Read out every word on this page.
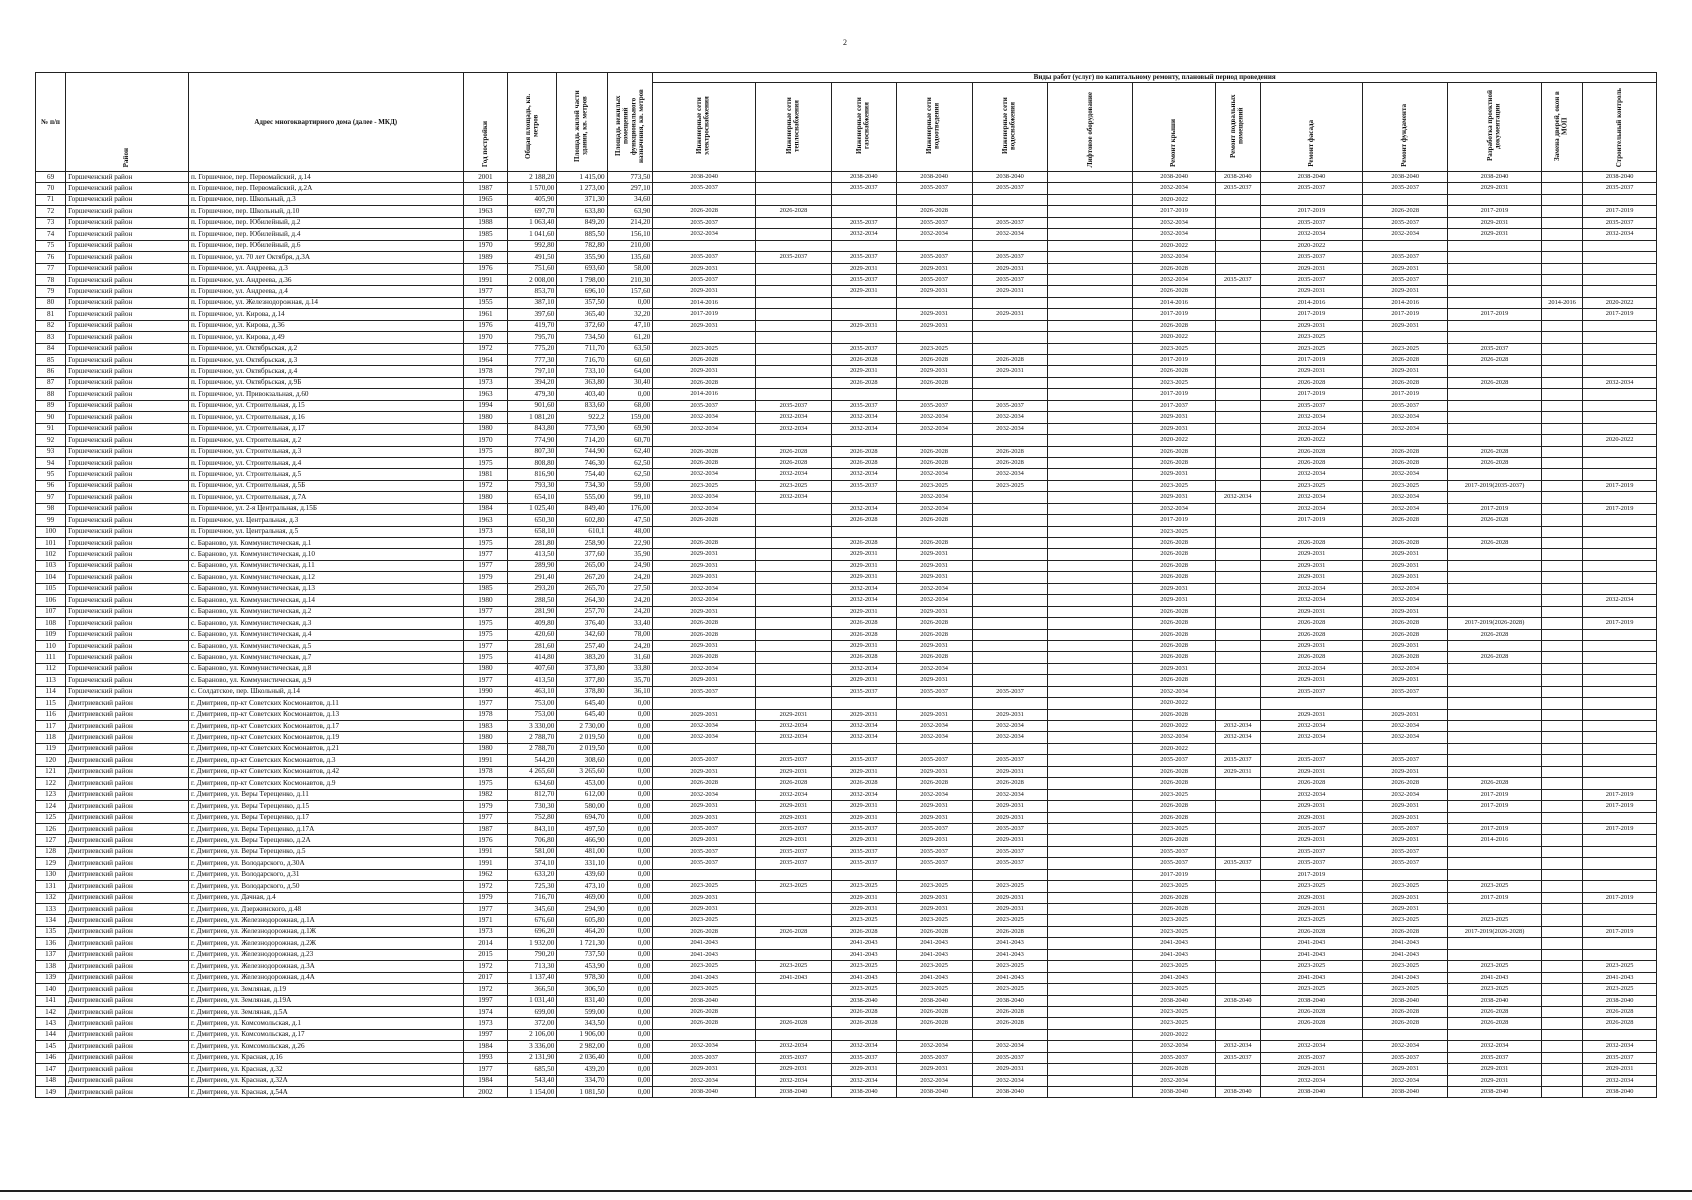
2
№ п/п	Район	Адрес многоквартирного дома (далее - МКД)	Год постройки	Общая площадь, кв. метров	Площадь жилой части здания, кв. метров	Площадь нежилых помещений функционального назначения, кв. метров	Виды работ (услуг) по капитальному ремонту, плановый период проведения												
							Инженерные сети электроснабжения	Инженерные сети теплоснабжения	Инженерные сети газоснабжения	Инженерные сети водоотведения	Инженерные сети водоснабжения	Лифтовое оборудование	Ремонт крыши	Ремонт подвальных помещений	Ремонт фасада	Ремонт фундамента	Разработка проектной документации	Замена дверей, окон в МОП	Строительный контроль
69	Горшеченский район	п. Горшечное, пер. Первомайский, д.14	2001	2 188,20	1 415,00	773,50	2038-2040		2038-2040	2038-2040	2038-2040		2038-2040	2038-2040	2038-2040	2038-2040	2038-2040		2038-2040
70	Горшеченский район	п. Горшечное, пер. Первомайский, д.2А	1987	1 570,00	1 273,00	297,10	2035-2037		2035-2037	2035-2037	2035-2037		2032-2034	2035-2037	2035-2037	2035-2037	2029-2031		2035-2037
71	Горшеченский район	п. Горшечное, пер. Школьный, д.3	1965	405,90	371,30	34,60							2020-2022						
72	Горшеченский район	п. Горшечное, пер. Школьный, д.10	1963	697,70	633,80	63,90	2026-2028	2026-2028		2026-2028			2017-2019		2017-2019	2026-2028	2017-2019		2017-2019
73	Горшеченский район	п. Горшечное, пер. Юбилейный, д.2	1988	1 063,40	849,20	214,20	2035-2037		2035-2037	2035-2037	2035-2037		2032-2034		2035-2037	2035-2037	2029-2031		2035-2037
74	Горшеченский район	п. Горшечное, пер. Юбилейный, д.4	1985	1 041,60	885,50	156,10	2032-2034		2032-2034	2032-2034	2032-2034		2032-2034		2032-2034	2032-2034	2029-2031		2032-2034
75	Горшеченский район	п. Горшечное, пер. Юбилейный, д.6	1970	992,80	782,80	210,00							2020-2022		2020-2022				
76	Горшеченский район	п. Горшечное, ул. 70 лет Октября, д.3А	1989	491,50	355,90	135,60	2035-2037	2035-2037	2035-2037	2035-2037	2035-2037		2032-2034		2035-2037	2035-2037			
77	Горшеченский район	п. Горшечное, ул. Андреева, д.3	1976	751,60	693,60	58,00	2029-2031		2029-2031	2029-2031	2029-2031		2026-2028		2029-2031	2029-2031			
78	Горшеченский район	п. Горшечное, ул. Андреева, д.36	1991	2 008,00	1 798,00	210,30	2035-2037		2035-2037	2035-2037	2035-2037		2032-2034	2035-2037	2035-2037	2035-2037			
79	Горшеченский район	п. Горшечное, ул. Андреева, д.4	1977	853,70	696,10	157,60	2029-2031		2029-2031	2029-2031	2029-2031		2026-2028		2029-2031	2029-2031			
80	Горшеченский район	п. Горшечное, ул. Железнодорожная, д.14	1955	387,10	357,50	0,00	2014-2016						2014-2016		2014-2016	2014-2016		2014-2016	2020-2022
81	Горшеченский район	п. Горшечное, ул. Кирова, д.14	1961	397,60	365,40	32,20	2017-2019			2029-2031	2029-2031		2017-2019		2017-2019	2017-2019	2017-2019		2017-2019
82	Горшеченский район	п. Горшечное, ул. Кирова, д.36	1976	419,70	372,60	47,10	2029-2031		2029-2031	2029-2031			2026-2028		2029-2031	2029-2031			
83	Горшеченский район	п. Горшечное, ул. Кирова, д.49	1970	795,70	734,50	61,20							2020-2022		2023-2025				
84	Горшеченский район	п. Горшечное, ул. Октябрьская, д.2	1972	775,20	711,70	63,50	2023-2025		2035-2037	2023-2025			2023-2025		2023-2025	2023-2025	2035-2037		
85	Горшеченский район	п. Горшечное, ул. Октябрьская, д.3	1964	777,30	716,70	60,60	2026-2028		2026-2028	2026-2028	2026-2028		2017-2019		2017-2019	2026-2028	2026-2028		
86	Горшеченский район	п. Горшечное, ул. Октябрьская, д.4	1978	797,10	733,10	64,00	2029-2031		2029-2031	2029-2031	2029-2031		2026-2028		2029-2031	2029-2031			
87	Горшеченский район	п. Горшечное, ул. Октябрьская, д.9Б	1973	394,20	363,80	30,40	2026-2028		2026-2028	2026-2028			2023-2025		2026-2028	2026-2028	2026-2028		2032-2034
88	Горшеченский район	п. Горшечное, ул. Привокзальная, д.60	1963	479,30	403,40	0,00	2014-2016						2017-2019		2017-2019	2017-2019			
89	Горшеченский район	п. Горшечное, ул. Строительная, д.15	1994	901,60	833,60	68,00	2035-2037	2035-2037	2035-2037	2035-2037	2035-2037		2017-2037		2035-2037	2035-2037			
90	Горшеченский район	п. Горшечное, ул. Строительная, д.16	1980	1 081,20	922,2	159,00	2032-2034	2032-2034	2032-2034	2032-2034	2032-2034		2029-2031		2032-2034	2032-2034			
91	Горшеченский район	п. Горшечное, ул. Строительная, д.17	1980	843,80	773,90	69,90	2032-2034	2032-2034	2032-2034	2032-2034	2032-2034		2029-2031		2032-2034	2032-2034			
92	Горшеченский район	п. Горшечное, ул. Строительная, д.2	1970	774,90	714,20	60,70							2020-2022		2020-2022				2020-2022
93	Горшеченский район	п. Горшечное, ул. Строительная, д.3	1975	807,30	744,90	62,40	2026-2028	2026-2028	2026-2028	2026-2028	2026-2028		2026-2028		2026-2028	2026-2028	2026-2028		
94	Горшеченский район	п. Горшечное, ул. Строительная, д.4	1975	808,80	746,30	62,50	2026-2028	2026-2028	2026-2028	2026-2028	2026-2028		2026-2028		2026-2028	2026-2028	2026-2028		
95	Горшеченский район	п. Горшечное, ул. Строительная, д.5	1981	816,90	754,40	62,50	2032-2034	2032-2034	2032-2034	2032-2034	2032-2034		2029-2031		2032-2034	2032-2034			
96	Горшеченский район	п. Горшечное, ул. Строительная, д.5Б	1972	793,30	734,30	59,00	2023-2025	2023-2025	2035-2037	2023-2025	2023-2025		2023-2025		2023-2025	2023-2025	2017-2019(2035-2037)		2017-2019
97	Горшеченский район	п. Горшечное, ул. Строительная, д.7А	1980	654,10	555,00	99,10	2032-2034	2032-2034		2032-2034			2029-2031	2032-2034	2032-2034	2032-2034			
98	Горшеченский район	п. Горшечное, ул. 2-я Центральная, д.15Б	1984	1 025,40	849,40	176,00	2032-2034		2032-2034	2032-2034			2032-2034		2032-2034	2032-2034	2017-2019		2017-2019
99	Горшеченский район	п. Горшечное, ул. Центральная, д.3	1963	650,30	602,80	47,50	2026-2028		2026-2028	2026-2028			2017-2019		2017-2019	2026-2028	2026-2028		
100	Горшеченский район	п. Горшечное, ул. Центральная, д.5	1973	658,10	610,1	48,00							2023-2025						
101	Горшеченский район	с. Бараново, ул. Коммунистическая, д.1	1975	281,80	258,90	22,90	2026-2028		2026-2028	2026-2028			2026-2028		2026-2028	2026-2028	2026-2028		
102	Горшеченский район	с. Бараново, ул. Коммунистическая, д.10	1977	413,50	377,60	35,90	2029-2031		2029-2031	2029-2031			2026-2028		2029-2031	2029-2031			
103	Горшеченский район	с. Бараново, ул. Коммунистическая, д.11	1977	289,90	265,00	24,90	2029-2031		2029-2031	2029-2031			2026-2028		2029-2031	2029-2031			
104	Горшеченский район	с. Бараново, ул. Коммунистическая, д.12	1979	291,40	267,20	24,20	2029-2031		2029-2031	2029-2031			2026-2028		2029-2031	2029-2031			
105	Горшеченский район	с. Бараново, ул. Коммунистическая, д.13	1985	293,20	265,70	27,50	2032-2034		2032-2034	2032-2034			2029-2031		2032-2034	2032-2034			
106	Горшеченский район	с. Бараново, ул. Коммунистическая, д.14	1980	288,50	264,30	24,20	2032-2034		2032-2034	2032-2034			2029-2031		2032-2034	2032-2034			2032-2034
107	Горшеченский район	с. Бараново, ул. Коммунистическая, д.2	1977	281,90	257,70	24,20	2029-2031		2029-2031	2029-2031			2026-2028		2029-2031	2029-2031			
108	Горшеченский район	с. Бараново, ул. Коммунистическая, д.3	1975	409,80	376,40	33,40	2026-2028		2026-2028	2026-2028			2026-2028		2026-2028	2026-2028	2017-2019(2026-2028)		2017-2019
109	Горшеченский район	с. Бараново, ул. Коммунистическая, д.4	1975	420,60	342,60	78,00	2026-2028		2026-2028	2026-2028			2026-2028		2026-2028	2026-2028	2026-2028		
110	Горшеченский район	с. Бараново, ул. Коммунистическая, д.5	1977	281,60	257,40	24,20	2029-2031		2029-2031	2029-2031			2026-2028		2029-2031	2029-2031			
111	Горшеченский район	с. Бараново, ул. Коммунистическая, д.7	1975	414,80	383,20	31,60	2026-2028		2026-2028	2026-2028			2026-2028		2026-2028	2026-2028	2026-2028		
112	Горшеченский район	с. Бараново, ул. Коммунистическая, д.8	1980	407,60	373,80	33,80	2032-2034		2032-2034	2032-2034			2029-2031		2032-2034	2032-2034			
113	Горшеченский район	с. Бараново, ул. Коммунистическая, д.9	1977	413,50	377,80	35,70	2029-2031		2029-2031	2029-2031			2026-2028		2029-2031	2029-2031			
114	Горшеченский район	с. Солдатское, пер. Школьный, д.14	1990	463,10	378,80	36,10	2035-2037		2035-2037	2035-2037	2035-2037		2032-2034		2035-2037	2035-2037			
115	Дмитриевский район	г. Дмитриев, пр-кт Советских Космонавтов, д.11	1977	753,00	645,40	0,00							2020-2022						
116	Дмитриевский район	г. Дмитриев, пр-кт Советских Космонавтов, д.13	1978	753,00	645,40	0,00	2029-2031	2029-2031	2029-2031	2029-2031	2029-2031		2026-2028		2029-2031	2029-2031			
117	Дмитриевский район	г. Дмитриев, пр-кт Советских Космонавтов, д.17	1983	3 330,00	2 730,00	0,00	2032-2034	2032-2034	2032-2034	2032-2034	2032-2034		2020-2022	2032-2034	2032-2034	2032-2034			
118	Дмитриевский район	г. Дмитриев, пр-кт Советских Космонавтов, д.19	1980	2 788,70	2 019,50	0,00	2032-2034	2032-2034	2032-2034	2032-2034	2032-2034		2032-2034	2032-2034	2032-2034	2032-2034			
119	Дмитриевский район	г. Дмитриев, пр-кт Советских Космонавтов, д.21	1980	2 788,70	2 019,50	0,00							2020-2022						
120	Дмитриевский район	г. Дмитриев, пр-кт Советских Космонавтов, д.3	1991	544,20	308,60	0,00	2035-2037	2035-2037	2035-2037	2035-2037	2035-2037		2035-2037	2035-2037	2035-2037	2035-2037			
121	Дмитриевский район	г. Дмитриев, пр-кт Советских Космонавтов, д.42	1978	4 265,60	3 265,60	0,00	2029-2031	2029-2031	2029-2031	2029-2031	2029-2031		2026-2028	2029-2031	2029-2031	2029-2031			
122	Дмитриевский район	г. Дмитриев, пр-кт Советских Космонавтов, д.9	1975	634,60	453,00	0,00	2026-2028	2026-2028	2026-2028	2026-2028	2026-2028		2026-2028		2026-2028	2026-2028	2026-2028		
123	Дмитриевский район	г. Дмитриев, ул. Веры Терещенко, д.11	1982	812,70	612,00	0,00	2032-2034	2032-2034	2032-2034	2032-2034	2032-2034		2023-2025		2032-2034	2032-2034	2017-2019		2017-2019
124	Дмитриевский район	г. Дмитриев, ул. Веры Терещенко, д.15	1979	730,30	580,00	0,00	2029-2031	2029-2031	2029-2031	2029-2031	2029-2031		2026-2028		2029-2031	2029-2031	2017-2019		2017-2019
125	Дмитриевский район	г. Дмитриев, ул. Веры Терещенко, д.17	1977	752,80	694,70	0,00	2029-2031	2029-2031	2029-2031	2029-2031	2029-2031		2026-2028		2029-2031	2029-2031			
126	Дмитриевский район	г. Дмитриев, ул. Веры Терещенко, д.17А	1987	843,10	497,50	0,00	2035-2037	2035-2037	2035-2037	2035-2037	2035-2037		2023-2025		2035-2037	2035-2037	2017-2019		2017-2019
127	Дмитриевский район	г. Дмитриев, ул. Веры Терещенко, д.2А	1976	706,80	466,90	0,00	2029-2031	2029-2031	2029-2031	2029-2031	2029-2031		2026-2028		2029-2031	2029-2031	2014-2016		
128	Дмитриевский район	г. Дмитриев, ул. Веры Терещенко, д.5	1991	581,00	481,00	0,00	2035-2037	2035-2037	2035-2037	2035-2037	2035-2037		2035-2037		2035-2037	2035-2037			
129	Дмитриевский район	г. Дмитриев, ул. Володарского, д.30А	1991	374,10	331,10	0,00	2035-2037	2035-2037	2035-2037	2035-2037	2035-2037		2035-2037	2035-2037	2035-2037	2035-2037			
130	Дмитриевский район	г. Дмитриев, ул. Володарского, д.31	1962	633,20	439,60	0,00							2017-2019		2017-2019				
131	Дмитриевский район	г. Дмитриев, ул. Володарского, д.50	1972	725,30	473,10	0,00	2023-2025	2023-2025	2023-2025	2023-2025	2023-2025		2023-2025		2023-2025	2023-2025	2023-2025		
132	Дмитриевский район	г. Дмитриев, ул. Дачная, д.4	1979	716,70	469,00	0,00	2029-2031		2029-2031	2029-2031	2029-2031		2026-2028		2029-2031	2029-2031	2017-2019		2017-2019
133	Дмитриевский район	г. Дмитриев, ул. Дзержинского, д.48	1977	345,60	294,90	0,00	2029-2031		2029-2031	2029-2031	2029-2031		2026-2028		2029-2031	2029-2031			
134	Дмитриевский район	г. Дмитриев, ул. Железнодорожная, д.1А	1971	676,60	605,80	0,00	2023-2025		2023-2025	2023-2025	2023-2025		2023-2025		2023-2025	2023-2025	2023-2025		
135	Дмитриевский район	г. Дмитриев, ул. Железнодорожная, д.1Ж	1973	696,20	464,20	0,00	2026-2028	2026-2028	2026-2028	2026-2028	2026-2028		2023-2025		2026-2028	2026-2028	2017-2019(2026-2028)		2017-2019
136	Дмитриевский район	г. Дмитриев, ул. Железнодорожная, д.2Ж	2014	1 932,00	1 721,30	0,00	2041-2043		2041-2043	2041-2043	2041-2043		2041-2043		2041-2043	2041-2043			
137	Дмитриевский район	г. Дмитриев, ул. Железнодорожная, д.23	2015	790,20	737,50	0,00	2041-2043		2041-2043	2041-2043	2041-2043		2041-2043		2041-2043	2041-2043			
138	Дмитриевский район	г. Дмитриев, ул. Железнодорожная, д.3А	1972	713,30	453,90	0,00	2023-2025	2023-2025	2023-2025	2023-2025	2023-2025		2023-2025		2023-2025	2023-2025	2023-2025		2023-2025
139	Дмитриевский район	г. Дмитриев, ул. Железнодорожная, д.4А	2017	1 137,40	978,30	0,00	2041-2043	2041-2043	2041-2043	2041-2043	2041-2043		2041-2043		2041-2043	2041-2043	2041-2043		2041-2043
140	Дмитриевский район	г. Дмитриев, ул. Земляная, д.19	1972	366,50	306,50	0,00	2023-2025		2023-2025	2023-2025	2023-2025		2023-2025		2023-2025	2023-2025	2023-2025		2023-2025
141	Дмитриевский район	г. Дмитриев, ул. Земляная, д.19А	1997	1 031,40	831,40	0,00	2038-2040		2038-2040	2038-2040	2038-2040		2038-2040	2038-2040	2038-2040	2038-2040	2038-2040		2038-2040
142	Дмитриевский район	г. Дмитриев, ул. Земляная, д.5А	1974	699,00	599,00	0,00	2026-2028		2026-2028	2026-2028	2026-2028		2023-2025		2026-2028	2026-2028	2026-2028		2026-2028
143	Дмитриевский район	г. Дмитриев, ул. Комсомольская, д.1	1973	372,00	343,50	0,00	2026-2028	2026-2028	2026-2028	2026-2028	2026-2028		2023-2025		2026-2028	2026-2028	2026-2028		2026-2028
144	Дмитриевский район	г. Дмитриев, ул. Комсомольская, д.17	1997	2 106,00	1 906,00	0,00							2020-2022						
145	Дмитриевский район	г. Дмитриев, ул. Комсомольская, д.26	1984	3 336,00	2 982,00	0,00	2032-2034	2032-2034	2032-2034	2032-2034	2032-2034		2032-2034	2032-2034	2032-2034	2032-2034	2032-2034		2032-2034
146	Дмитриевский район	г. Дмитриев, ул. Красная, д.16	1993	2 131,90	2 036,40	0,00	2035-2037	2035-2037	2035-2037	2035-2037	2035-2037		2035-2037	2035-2037	2035-2037	2035-2037	2035-2037		2035-2037
147	Дмитриевский район	г. Дмитриев, ул. Красная, д.32	1977	685,50	439,20	0,00	2029-2031	2029-2031	2029-2031	2029-2031	2029-2031		2026-2028		2029-2031	2029-2031	2029-2031		2029-2031
148	Дмитриевский район	г. Дмитриев, ул. Красная, д.32А	1984	543,40	334,70	0,00	2032-2034	2032-2034	2032-2034	2032-2034	2032-2034		2032-2034		2032-2034	2032-2034	2029-2031		2032-2034
149	Дмитриевский район	г. Дмитриев, ул. Красная, д.54А	2002	1 154,00	1 081,50	0,00	2038-2040	2038-2040	2038-2040	2038-2040	2038-2040		2038-2040	2038-2040	2038-2040	2038-2040	2038-2040		2038-2040
